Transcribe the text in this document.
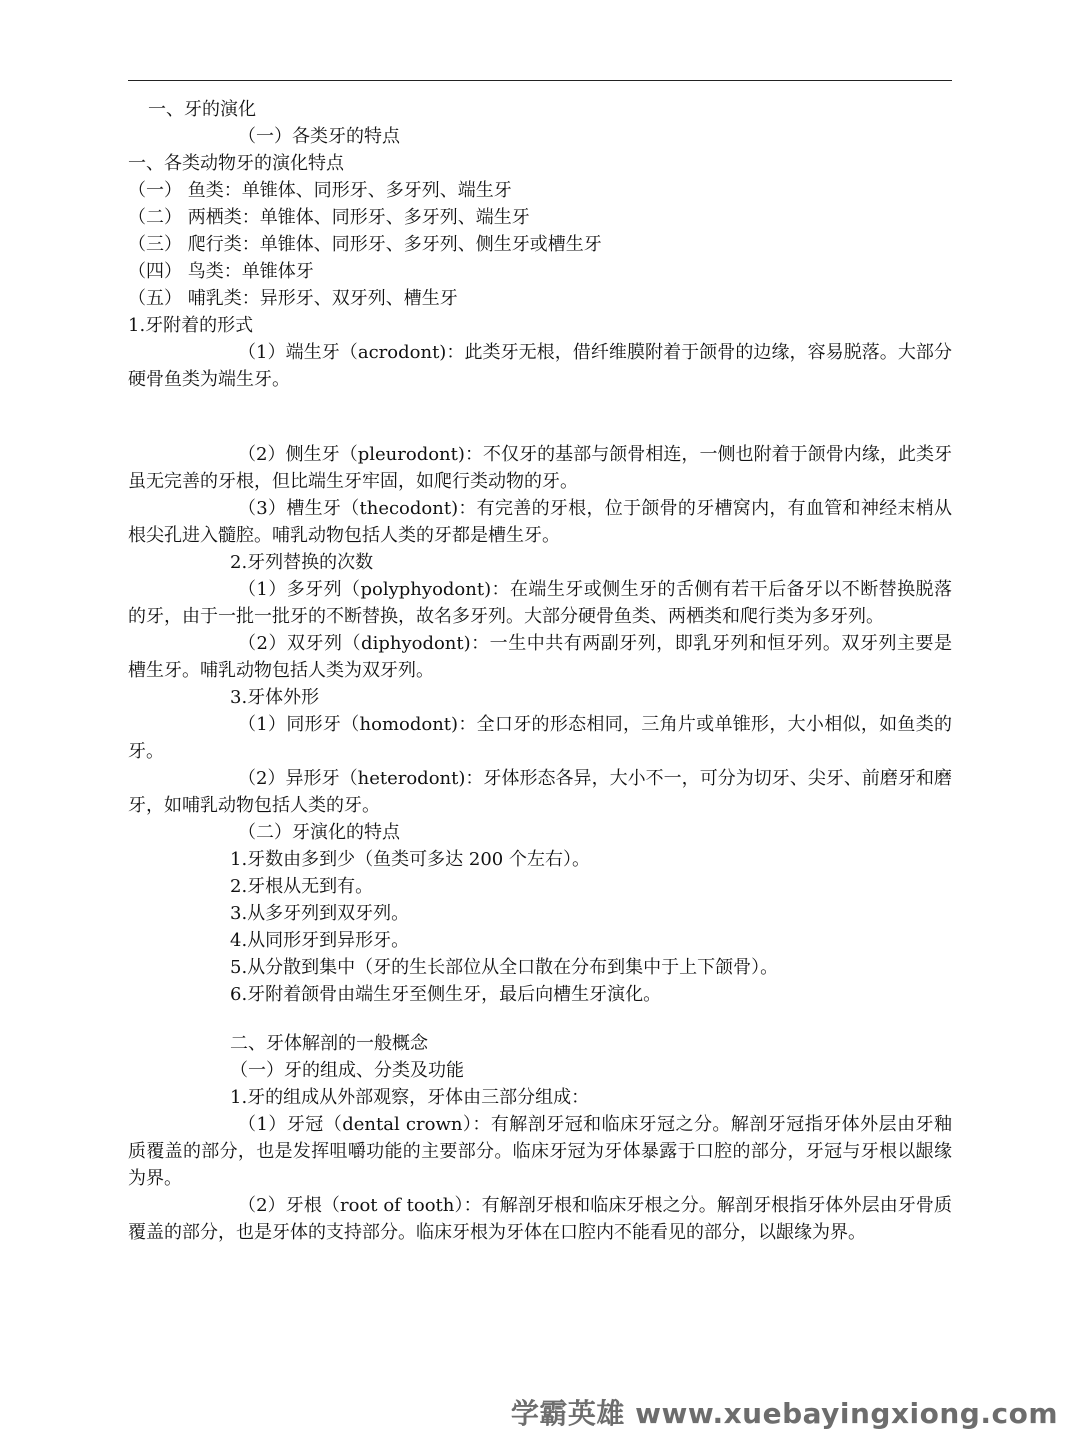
一、牙的演化

（一）各类牙的特点

一、各类动物牙的演化特点

（一） 鱼类：单锥体、同形牙、多牙列、端生牙

（二） 两栖类：单锥体、同形牙、多牙列、端生牙

（三） 爬行类：单锥体、同形牙、多牙列、侧生牙或槽生牙

（四） 鸟类：单锥体牙

（五） 哺乳类：异形牙、双牙列、槽生牙

1.牙附着的形式

（1）端生牙（acrodont)：此类牙无根，借纤维膜附着于颌骨的边缘，容易脱落。大部分硬骨鱼类为端生牙。

（2）侧生牙（pleurodont)：不仅牙的基部与颌骨相连，一侧也附着于颌骨内缘，此类牙虽无完善的牙根，但比端生牙牢固，如爬行类动物的牙。

（3）槽生牙（thecodont)：有完善的牙根，位于颌骨的牙槽窝内，有血管和神经末梢从根尖孔进入髓腔。哺乳动物包括人类的牙都是槽生牙。

2.牙列替换的次数

（1）多牙列（polyphyodont)：在端生牙或侧生牙的舌侧有若干后备牙以不断替换脱落的牙，由于一批一批牙的不断替换，故名多牙列。大部分硬骨鱼类、两栖类和爬行类为多牙列。

（2）双牙列（diphyodont)：一生中共有两副牙列，即乳牙列和恒牙列。双牙列主要是槽生牙。哺乳动物包括人类为双牙列。

3.牙体外形

（1）同形牙（homodont)：全口牙的形态相同，三角片或单锥形，大小相似，如鱼类的牙。

（2）异形牙（heterodont)：牙体形态各异，大小不一，可分为切牙、尖牙、前磨牙和磨牙，如哺乳动物包括人类的牙。

（二）牙演化的特点

1.牙数由多到少（鱼类可多达 200 个左右）。

2.牙根从无到有。

3.从多牙列到双牙列。

4.从同形牙到异形牙。

5.从分散到集中（牙的生长部位从全口散在分布到集中于上下颌骨）。

6.牙附着颌骨由端生牙至侧生牙，最后向槽生牙演化。

二、牙体解剖的一般概念

（一）牙的组成、分类及功能

1.牙的组成从外部观察，牙体由三部分组成：

（1）牙冠（dental crown）：有解剖牙冠和临床牙冠之分。解剖牙冠指牙体外层由牙釉质覆盖的部分，也是发挥咀嚼功能的主要部分。临床牙冠为牙体暴露于口腔的部分，牙冠与牙根以龈缘为界。

（2）牙根（root of tooth）：有解剖牙根和临床牙根之分。解剖牙根指牙体外层由牙骨质覆盖的部分，也是牙体的支持部分。临床牙根为牙体在口腔内不能看见的部分，以龈缘为界。

学霸英雄 www.xuebayingxiong.com
